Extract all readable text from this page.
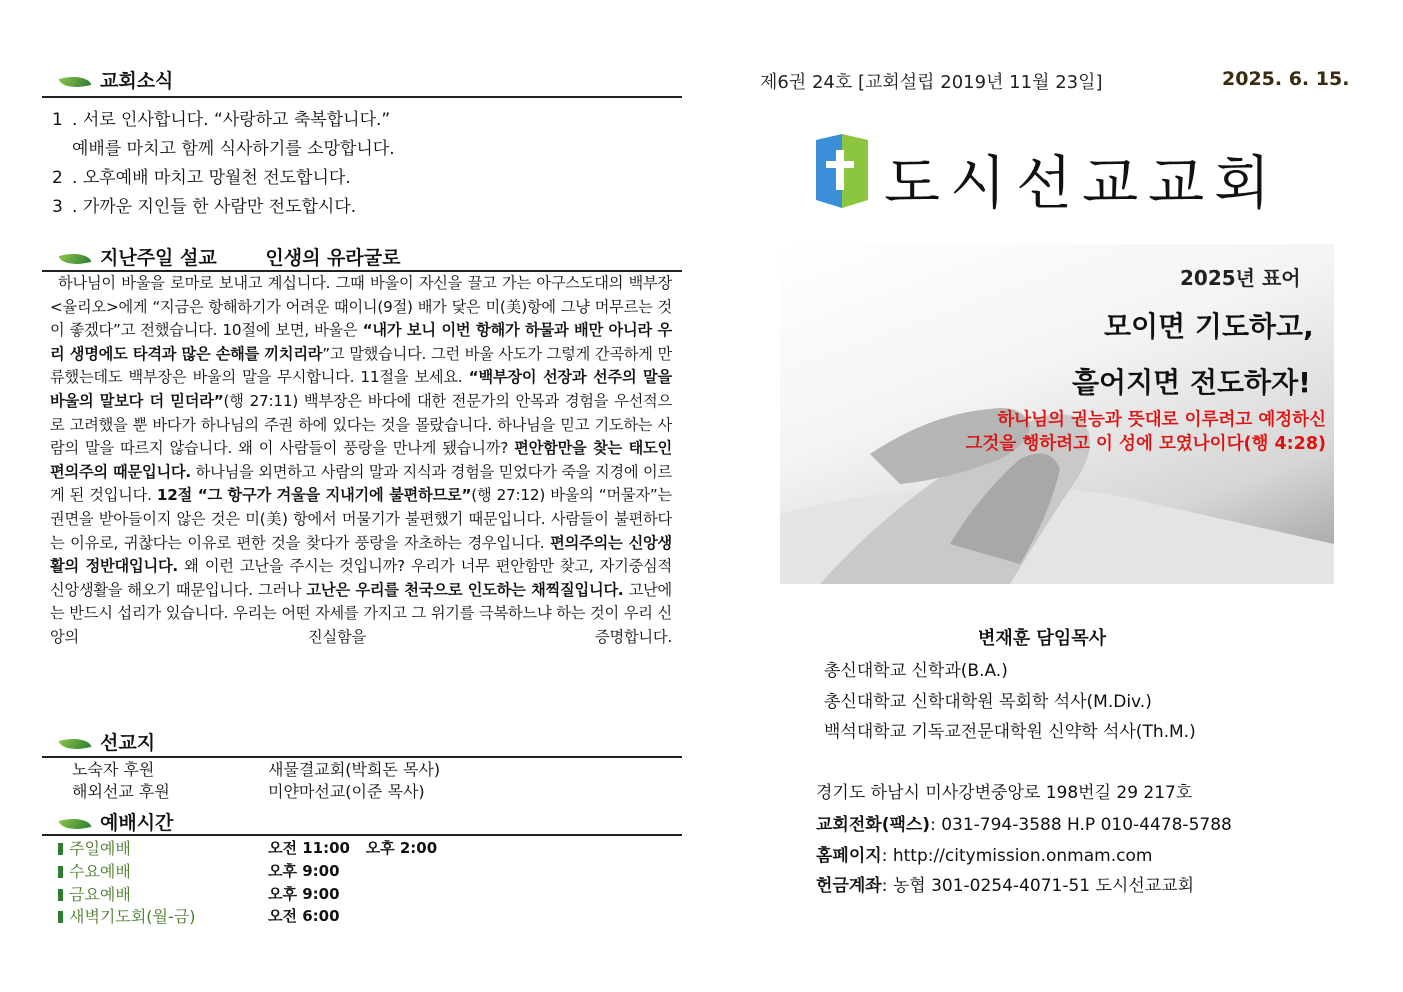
교회소식
1 . 서로 인사합니다. “사랑하고 축복합니다.”
예배를 마치고 함께 식사하기를 소망합니다.
2 . 오후예배 마치고 망월천 전도합니다.
3 . 가까운 지인들 한 사람만 전도합시다.
지난주일 설교	인생의 유라굴로
하나님이 바울을 로마로 보내고 계십니다. 그때 바울이 자신을 끌고 가는 아구스도대의 백부장 <율리오>에게 “지금은 항해하기가 어려운 때이니(9절) 배가 닻은 미(美)항에 그냥 머무르는 것이 좋겠다”고 전했습니다. 10절에 보면, 바울은 “내가 보니 이번 항해가 하물과 배만 아니라 우리 생명에도 타격과 많은 손해를 끼치리라”고 말했습니다. 그런 바울 사도가 그렇게 간곡하게 만류했는데도 백부장은 바울의 말을 무시합니다. 11절을 보세요. “백부장이 선장과 선주의 말을 바울의 말보다 더 믿더라”(행 27:11) 백부장은 바다에 대한 전문가의 안목과 경험을 우선적으로 고려했을 뿐 바다가 하나님의 주권 하에 있다는 것을 몰랐습니다. 하나님을 믿고 기도하는 사람의 말을 따르지 않습니다. 왜 이 사람들이 풍랑을 만나게 됐습니까? 편안함만을 찾는 태도인 편의주의 때문입니다. 하나님을 외면하고 사람의 말과 지식과 경험을 믿었다가 죽을 지경에 이르게 된 것입니다. 12절 “그 항구가 겨울을 지내기에 불편하므로”(행 27:12) 바울의 “머물자”는 권면을 받아들이지 않은 것은 미(美) 항에서 머물기가 불편했기 때문입니다. 사람들이 불편하다는 이유로, 귀찮다는 이유로 편한 것을 찾다가 풍랑을 자초하는 경우입니다. 편의주의는 신앙생활의 정반대입니다. 왜 이런 고난을 주시는 것입니까? 우리가 너무 편안함만 찾고, 자기중심적 신앙생활을 해오기 때문입니다. 그러나 고난은 우리를 천국으로 인도하는 채찍질입니다. 고난에는 반드시 섭리가 있습니다. 우리는 어떤 자세를 가지고 그 위기를 극복하느냐 하는 것이 우리 신앙의 진실함을 증명합니다.
선교지
노숙자 후원	새물결교회(박희돈 목사)
해외선교 후원	미얀마선교(이준 목사)
예배시간
주일예배	오전 11:00   오후 2:00
수요예배	오후 9:00
금요예배	오후 9:00
새벽기도회(월-금)	오전 6:00
제6권 24호 [교회설립 2019년 11월 23일]	2025. 6. 15.
도시선교교회
2025년 표어
모이면 기도하고,
흩어지면 전도하자!
하나님의 권능과 뜻대로 이루려고 예정하신
그것을 행하려고 이 성에 모였나이다(행 4:28)
변재훈 담임목사
총신대학교 신학과(B.A.)
총신대학교 신학대학원 목회학 석사(M.Div.)
백석대학교 기독교전문대학원 신약학 석사(Th.M.)
경기도 하남시 미사강변중앙로 198번길 29 217호
교회전화(팩스): 031-794-3588 H.P 010-4478-5788
홈페이지: http://citymission.onmam.com
헌금계좌: 농협 301-0254-4071-51 도시선교교회
